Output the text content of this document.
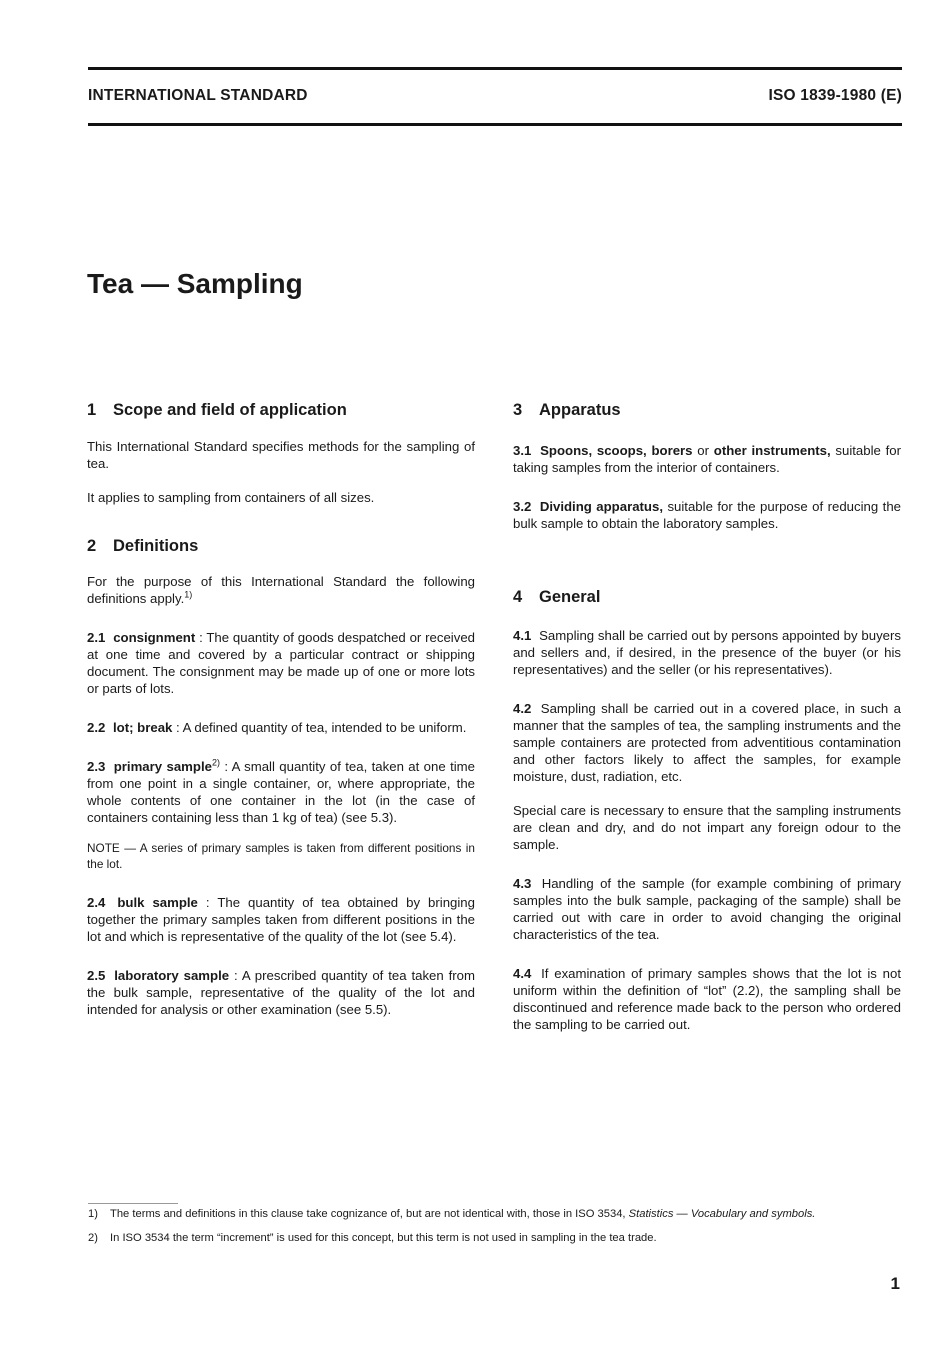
INTERNATIONAL STANDARD	ISO 1839-1980 (E)
Tea — Sampling
1 Scope and field of application

This International Standard specifies methods for the sampling of tea.

It applies to sampling from containers of all sizes.

2 Definitions

For the purpose of this International Standard the following definitions apply.$^{1)}$

2.1 consignment : The quantity of goods despatched or received at one time and covered by a particular contract or shipping document. The consignment may be made up of one or more lots or parts of lots.

2.2 lot; break : A defined quantity of tea, intended to be uniform.

2.3 primary sample$^{2)}$ : A small quantity of tea, taken at one time from one point in a single container, or, where appropriate, the whole contents of one container in the lot (in the case of containers containing less than 1 kg of tea) (see 5.3).

NOTE — A series of primary samples is taken from different positions in the lot.

2.4 bulk sample : The quantity of tea obtained by bringing together the primary samples taken from different positions in the lot and which is representative of the quality of the lot (see 5.4).

2.5 laboratory sample : A prescribed quantity of tea taken from the bulk sample, representative of the quality of the lot and intended for analysis or other examination (see 5.5).

3 Apparatus

3.1 Spoons, scoops, borers or other instruments, suitable for taking samples from the interior of containers.

3.2 Dividing apparatus, suitable for the purpose of reducing the bulk sample to obtain the laboratory samples.

4 General

4.1 Sampling shall be carried out by persons appointed by buyers and sellers and, if desired, in the presence of the buyer (or his representatives) and the seller (or his representatives).

4.2 Sampling shall be carried out in a covered place, in such a manner that the samples of tea, the sampling instruments and the sample containers are protected from adventitious contamination and other factors likely to affect the samples, for example moisture, dust, radiation, etc.

Special care is necessary to ensure that the sampling instruments are clean and dry, and do not impart any foreign odour to the sample.

4.3 Handling of the sample (for example combining of primary samples into the bulk sample, packaging of the sample) shall be carried out with care in order to avoid changing the original characteristics of the tea.

4.4 If examination of primary samples shows that the lot is not uniform within the definition of “lot” (2.2), the sampling shall be discontinued and reference made back to the person who ordered the sampling to be carried out.

1) The terms and definitions in this clause take cognizance of, but are not identical with, those in ISO 3534, Statistics — Vocabulary and symbols.
2) In ISO 3534 the term “increment” is used for this concept, but this term is not used in sampling in the tea trade.
1
